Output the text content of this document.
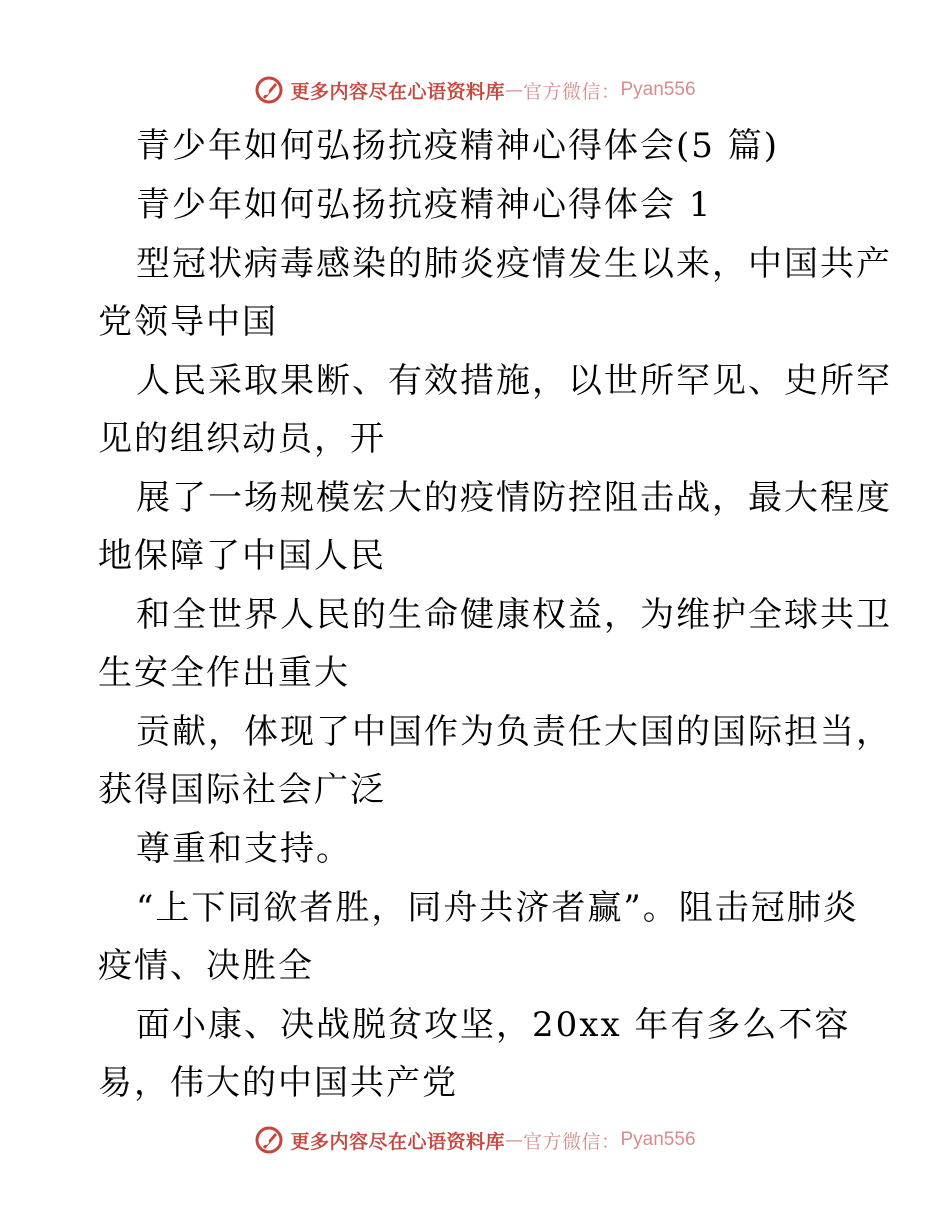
更多内容尽在心语资料库 — 官方微信： Pyan556
青少年如何弘扬抗疫精神心得体会(5 篇)
青少年如何弘扬抗疫精神心得体会 1
型冠状病毒感染的肺炎疫情发生以来，中国共产
党领导中国
人民采取果断、有效措施，以世所罕见、史所罕
见的组织动员，开
展了一场规模宏大的疫情防控阻击战，最大程度
地保障了中国人民
和全世界人民的生命健康权益，为维护全球共卫
生安全作出重大
贡献，体现了中国作为负责任大国的国际担当，
获得国际社会广泛
尊重和支持。
“上下同欲者胜，同舟共济者赢”。阻击冠肺炎
疫情、决胜全
面小康、决战脱贫攻坚，20xx 年有多么不容
易，伟大的中国共产党
更多内容尽在心语资料库 — 官方微信： Pyan556
